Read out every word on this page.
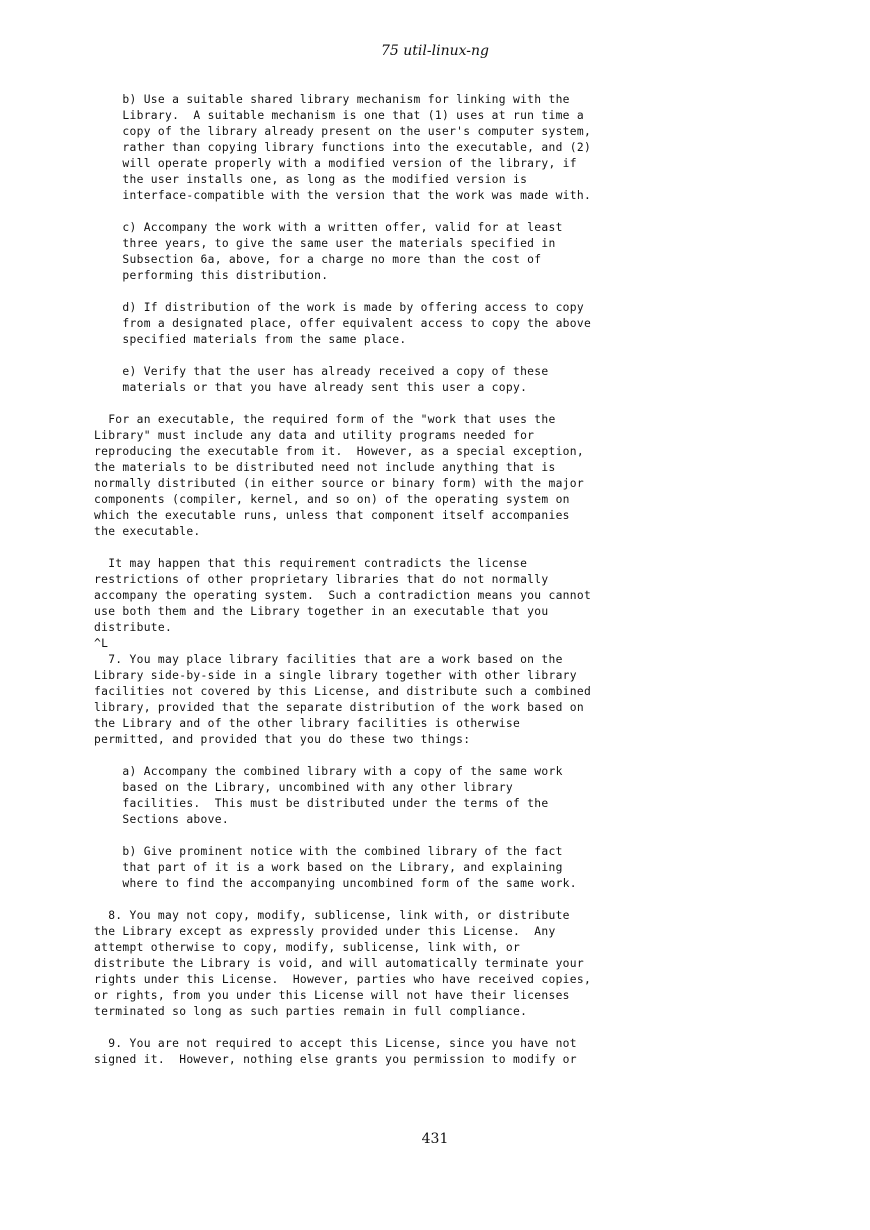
75 util-linux-ng
b) Use a suitable shared library mechanism for linking with the
Library.  A suitable mechanism is one that (1) uses at run time a
copy of the library already present on the user's computer system,
rather than copying library functions into the executable, and (2)
will operate properly with a modified version of the library, if
the user installs one, as long as the modified version is
interface-compatible with the version that the work was made with.
c) Accompany the work with a written offer, valid for at least
three years, to give the same user the materials specified in
Subsection 6a, above, for a charge no more than the cost of
performing this distribution.
d) If distribution of the work is made by offering access to copy
from a designated place, offer equivalent access to copy the above
specified materials from the same place.
e) Verify that the user has already received a copy of these
materials or that you have already sent this user a copy.
For an executable, the required form of the "work that uses the
Library" must include any data and utility programs needed for
reproducing the executable from it.  However, as a special exception,
the materials to be distributed need not include anything that is
normally distributed (in either source or binary form) with the major
components (compiler, kernel, and so on) of the operating system on
which the executable runs, unless that component itself accompanies
the executable.
It may happen that this requirement contradicts the license
restrictions of other proprietary libraries that do not normally
accompany the operating system.  Such a contradiction means you cannot
use both them and the Library together in an executable that you
distribute.
^L
7. You may place library facilities that are a work based on the
Library side-by-side in a single library together with other library
facilities not covered by this License, and distribute such a combined
library, provided that the separate distribution of the work based on
the Library and of the other library facilities is otherwise
permitted, and provided that you do these two things:
a) Accompany the combined library with a copy of the same work
based on the Library, uncombined with any other library
facilities.  This must be distributed under the terms of the
Sections above.
b) Give prominent notice with the combined library of the fact
that part of it is a work based on the Library, and explaining
where to find the accompanying uncombined form of the same work.
8. You may not copy, modify, sublicense, link with, or distribute
the Library except as expressly provided under this License.  Any
attempt otherwise to copy, modify, sublicense, link with, or
distribute the Library is void, and will automatically terminate your
rights under this License.  However, parties who have received copies,
or rights, from you under this License will not have their licenses
terminated so long as such parties remain in full compliance.
9. You are not required to accept this License, since you have not
signed it.  However, nothing else grants you permission to modify or
431
